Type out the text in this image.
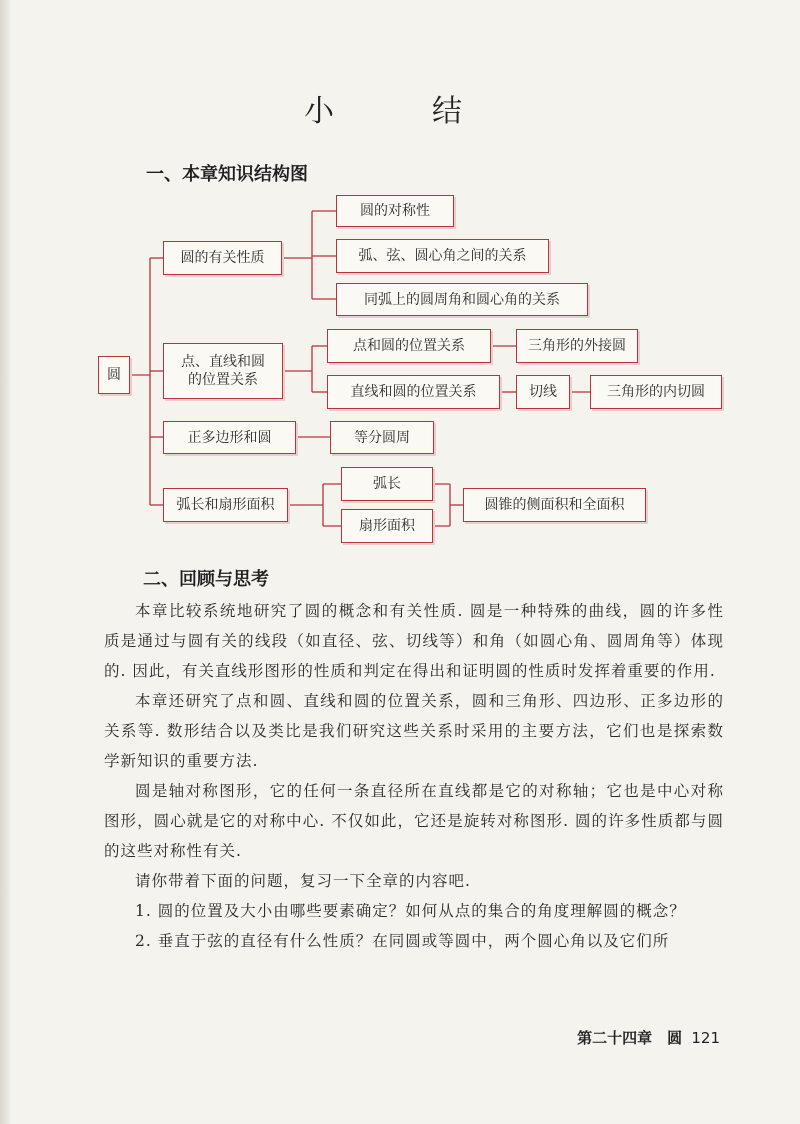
小　结
一、本章知识结构图
圆
圆的有关性质
圆的对称性
弧、弦、圆心角之间的关系
同弧上的圆周角和圆心角的关系
点、直线和圆
的位置关系
点和圆的位置关系	三角形的外接圆
直线和圆的位置关系	切线	三角形的内切圆
正多边形和圆	等分圆周
弧长和扇形面积
弧长
扇形面积
圆锥的侧面积和全面积
二、回顾与思考

本章比较系统地研究了圆的概念和有关性质. 圆是一种特殊的曲线，圆的许多性质是通过与圆有关的线段（如直径、弦、切线等）和角（如圆心角、圆周角等）体现的. 因此，有关直线形图形的性质和判定在得出和证明圆的性质时发挥着重要的作用.

本章还研究了点和圆、直线和圆的位置关系，圆和三角形、四边形、正多边形的关系等. 数形结合以及类比是我们研究这些关系时采用的主要方法，它们也是探索数学新知识的重要方法.

圆是轴对称图形，它的任何一条直径所在直线都是它的对称轴；它也是中心对称图形，圆心就是它的对称中心. 不仅如此，它还是旋转对称图形. 圆的许多性质都与圆的这些对称性有关.

请你带着下面的问题，复习一下全章的内容吧.

1. 圆的位置及大小由哪些要素确定？如何从点的集合的角度理解圆的概念？

2. 垂直于弦的直径有什么性质？在同圆或等圆中，两个圆心角以及它们所

第二十四章　圆 121
